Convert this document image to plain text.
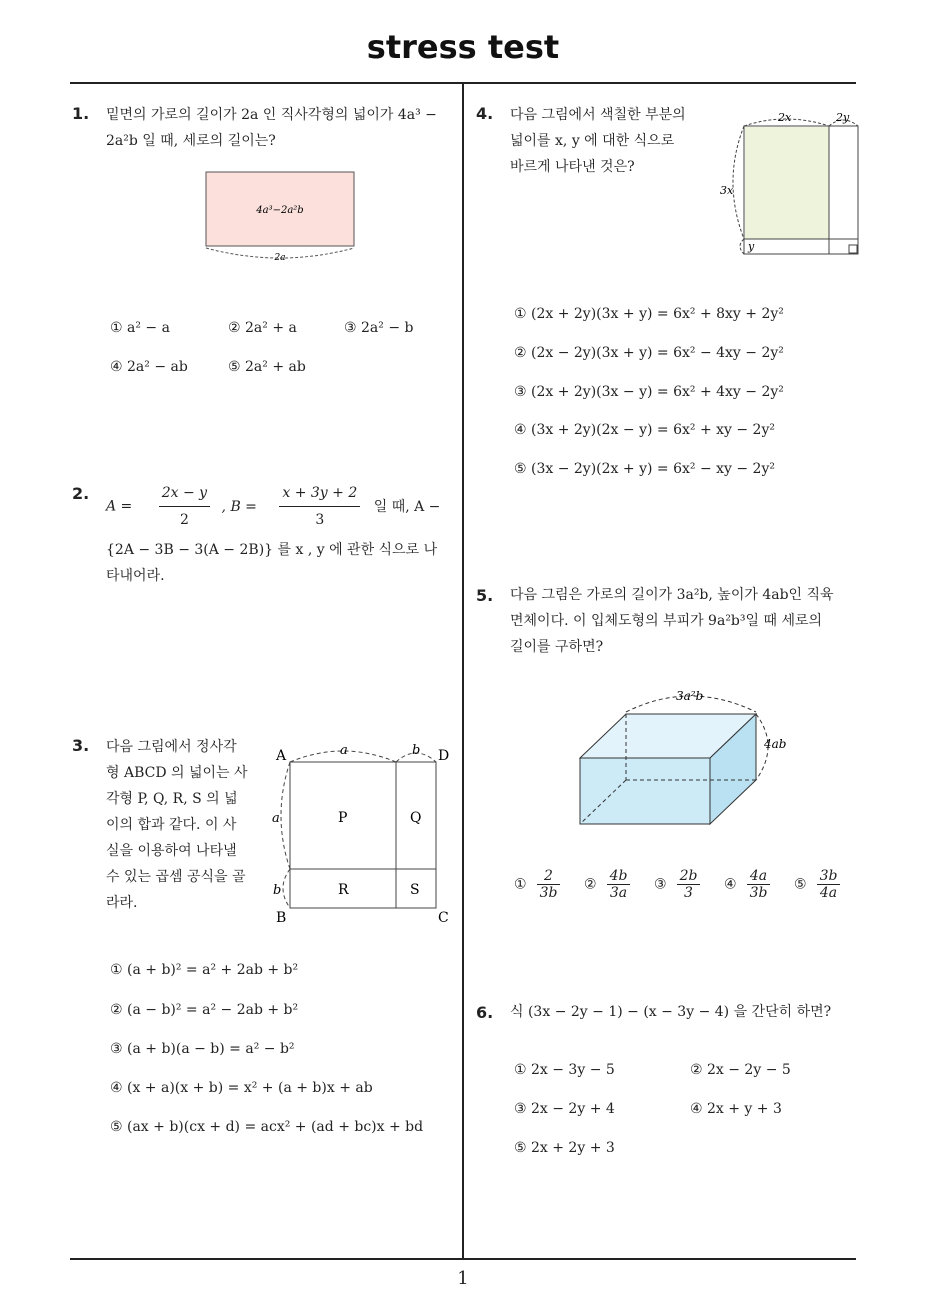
stress test
1
1. 밑면의 가로의 길이가 2a 인 직사각형의 넓이가 4a³ −
2a²b 일 때, 세로의 길이는?
4a³−2a²b
2a
① a² − a	② 2a² + a	③ 2a² − b
④ 2a² − ab	⑤ 2a² + ab
2.
$A = \frac{2x - y}{2}$ , $B = \frac{x + 3y + 2}{3}$ 일 때, A −
{2A − 3B − 3(A − 2B)} 를 x , y 에 관한 식으로 나
타내어라.
3. 다음 그림에서 정사각
형 ABCD 의 넓이는 사
각형 P, Q, R, S 의 넓
이의 합과 같다. 이 사
실을 이용하여 나타낼
수 있는 곱셈 공식을 골
라라.
A	D
B	C
a	b
a
b
P	Q
R	S
① (a + b)² = a² + 2ab + b²
② (a − b)² = a² − 2ab + b²
③ (a + b)(a − b) = a² − b²
④ (x + a)(x + b) = x² + (a + b)x + ab
⑤ (ax + b)(cx + d) = acx² + (ad + bc)x + bd
4. 다음 그림에서 색칠한 부분의
넓이를 x, y 에 대한 식으로
바르게 나타낸 것은?
2x	2y
3x
y
① (2x + 2y)(3x + y) = 6x² + 8xy + 2y²
② (2x − 2y)(3x + y) = 6x² − 4xy − 2y²
③ (2x + 2y)(3x − y) = 6x² + 4xy − 2y²
④ (3x + 2y)(2x − y) = 6x² + xy − 2y²
⑤ (3x − 2y)(2x + y) = 6x² − xy − 2y²
5. 다음 그림은 가로의 길이가 3a²b, 높이가 4ab인 직육
면체이다. 이 입체도형의 부피가 9a²b³일 때 세로의
길이를 구하면?
3a²b
4ab
① $\frac{2}{3b}$ ② $\frac{4b}{3a}$ ③ $\frac{2b}{3}$ ④ $\frac{4a}{3b}$ ⑤ $\frac{3b}{4a}$
6. 식 (3x − 2y − 1) − (x − 3y − 4) 을 간단히 하면?
① 2x − 3y − 5	② 2x − 2y − 5
③ 2x − 2y + 4	④ 2x + y + 3
⑤ 2x + 2y + 3
